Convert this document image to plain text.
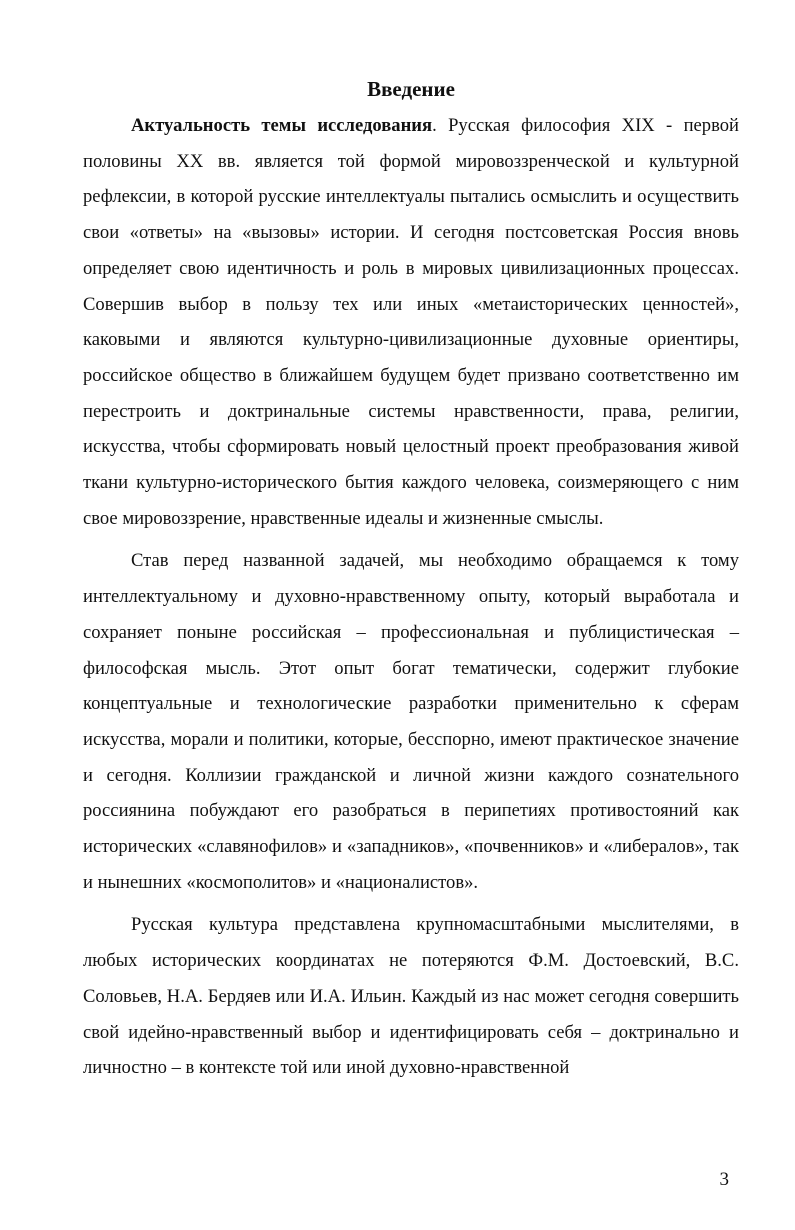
Введение

Актуальность темы исследования. Русская философия XIX - первой половины XX вв. является той формой мировоззренческой и культурной рефлексии, в которой русские интеллектуалы пытались осмыслить и осуществить свои «ответы» на «вызовы» истории. И сегодня постсоветская Россия вновь определяет свою идентичность и роль в мировых цивилизационных процессах. Совершив выбор в пользу тех или иных «метаисторических ценностей», каковыми и являются культурно-цивилизационные духовные ориентиры, российское общество в ближайшем будущем будет призвано соответственно им перестроить и доктринальные системы нравственности, права, религии, искусства, чтобы сформировать новый целостный проект преобразования живой ткани культурно-исторического бытия каждого человека, соизмеряющего с ним свое мировоззрение, нравственные идеалы и жизненные смыслы.

Став перед названной задачей, мы необходимо обращаемся к тому интеллектуальному и духовно-нравственному опыту, который выработала и сохраняет поныне российская – профессиональная и публицистическая – философская мысль. Этот опыт богат тематически, содержит глубокие концептуальные и технологические разработки применительно к сферам искусства, морали и политики, которые, бесспорно, имеют практическое значение и сегодня. Коллизии гражданской и личной жизни каждого сознательного россиянина побуждают его разобраться в перипетиях противостояний как исторических «славянофилов» и «западников», «почвенников» и «либералов», так и нынешних «космополитов» и «националистов».

Русская культура представлена крупномасштабными мыслителями, в любых исторических координатах не потеряются Ф.М. Достоевский, В.С. Соловьев, Н.А. Бердяев или И.А. Ильин. Каждый из нас может сегодня совершить свой идейно-нравственный выбор и идентифицировать себя – доктринально и личностно – в контексте той или иной духовно-нравственной

3
